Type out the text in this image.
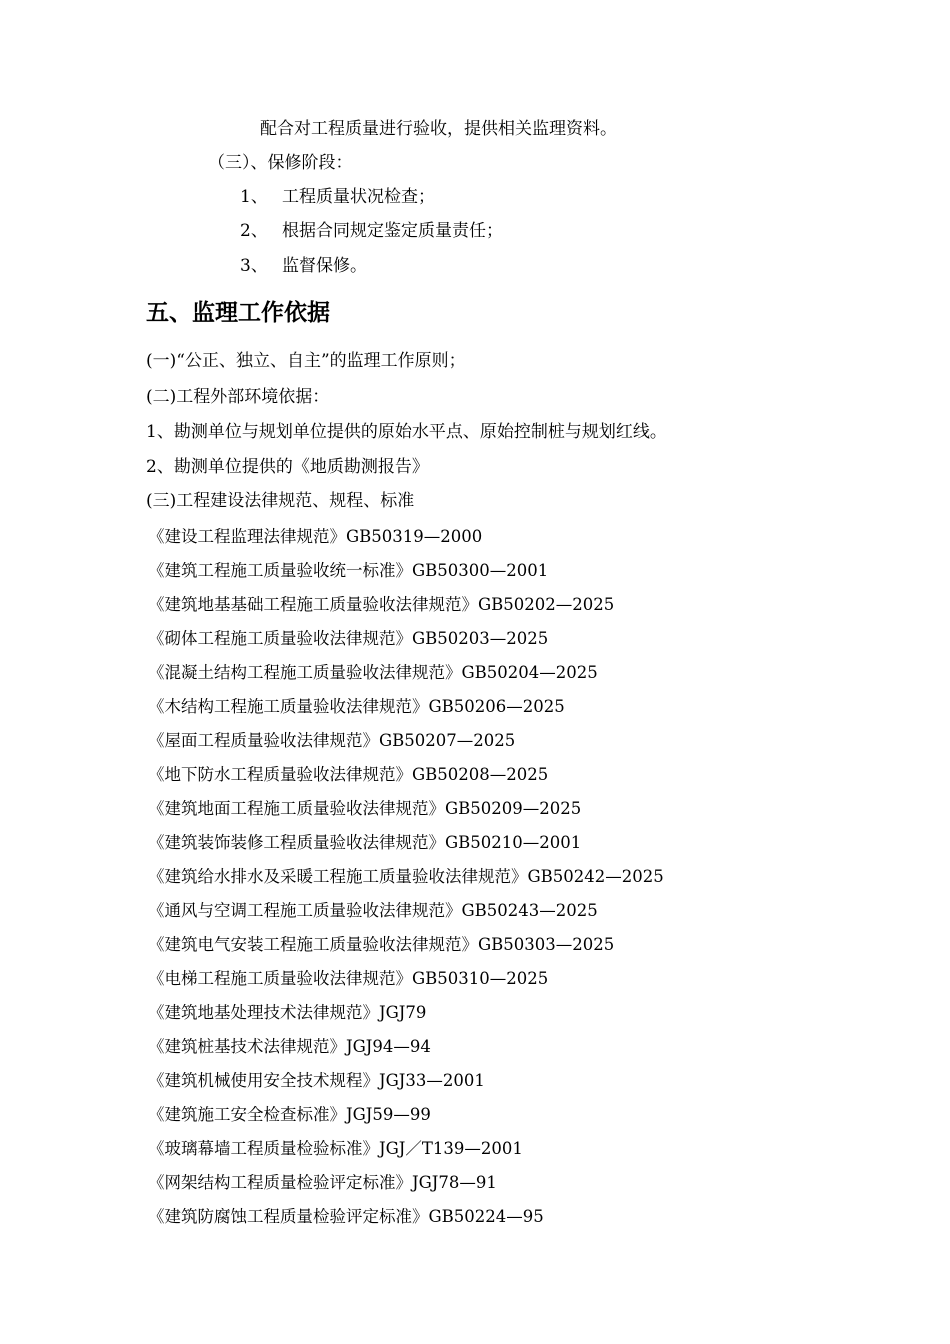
配合对工程质量进行验收，提供相关监理资料。
（三）、保修阶段：
1、 工程质量状况检查；
2、 根据合同规定鉴定质量责任；
3、 监督保修。
五、监理工作依据
(一)“公正、独立、自主”的监理工作原则；
(二)工程外部环境依据：
1、勘测单位与规划单位提供的原始水平点、原始控制桩与规划红线。
2、勘测单位提供的《地质勘测报告》
(三)工程建设法律规范、规程、标准
《建设工程监理法律规范》GB50319—2000
《建筑工程施工质量验收统一标准》GB50300—2001
《建筑地基基础工程施工质量验收法律规范》GB50202—2025
《砌体工程施工质量验收法律规范》GB50203—2025
《混凝土结构工程施工质量验收法律规范》GB50204—2025
《木结构工程施工质量验收法律规范》GB50206—2025
《屋面工程质量验收法律规范》GB50207—2025
《地下防水工程质量验收法律规范》GB50208—2025
《建筑地面工程施工质量验收法律规范》GB50209—2025
《建筑装饰装修工程质量验收法律规范》GB50210—2001
《建筑给水排水及采暖工程施工质量验收法律规范》GB50242—2025
《通风与空调工程施工质量验收法律规范》GB50243—2025
《建筑电气安装工程施工质量验收法律规范》GB50303—2025
《电梯工程施工质量验收法律规范》GB50310—2025
《建筑地基处理技术法律规范》JGJ79
《建筑桩基技术法律规范》JGJ94—94
《建筑机械使用安全技术规程》JGJ33—2001
《建筑施工安全检查标准》JGJ59—99
《玻璃幕墙工程质量检验标准》JGJ／T139—2001
《网架结构工程质量检验评定标准》JGJ78—91
《建筑防腐蚀工程质量检验评定标准》GB50224—95
